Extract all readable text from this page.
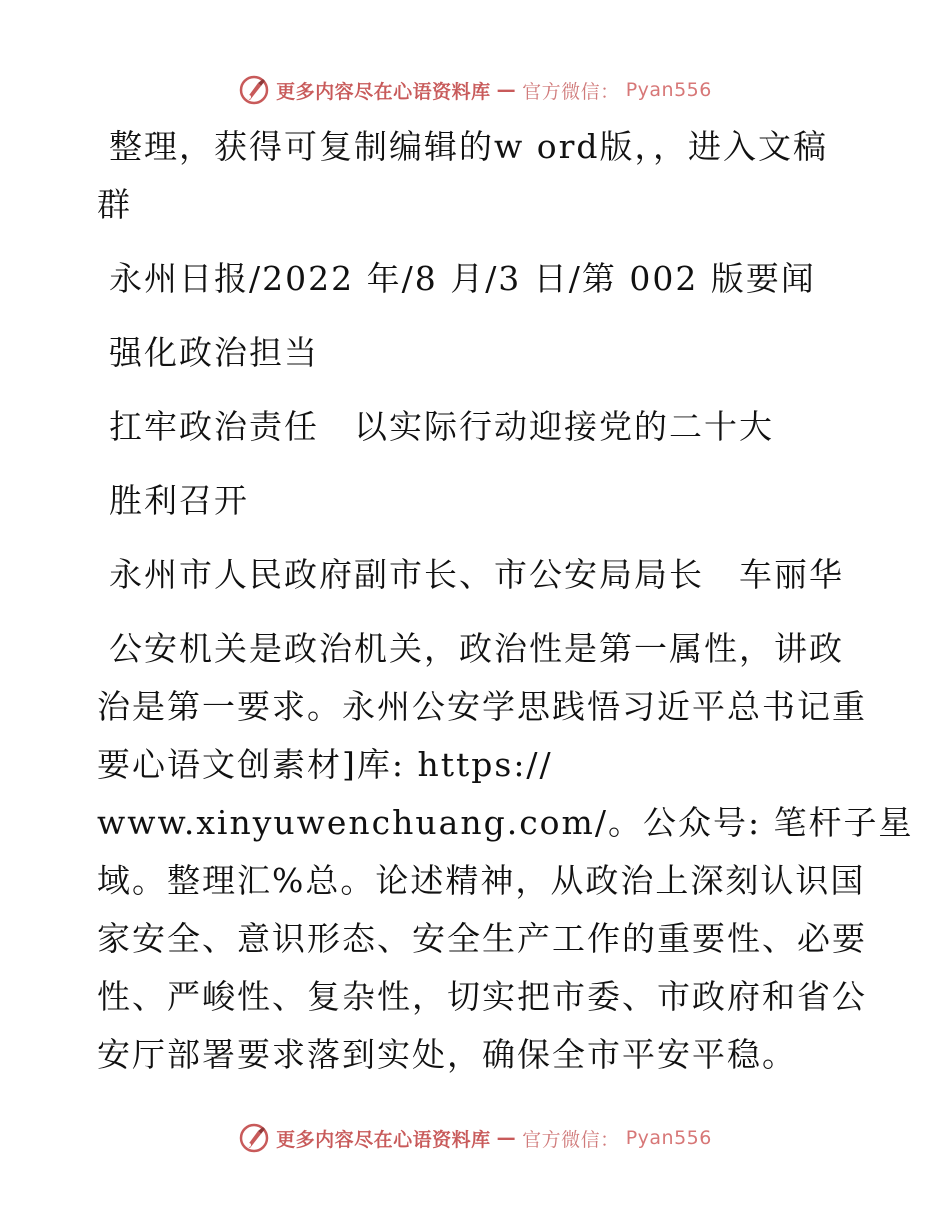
更多内容尽在心语资料库 — 官方微信： Pyan556
整理，获得可复制编辑的w ord版，，进入文稿
群
永州日报/2022 年/8 月/3 日/第 002 版要闻
强化政治担当
扛牢政治责任　以实际行动迎接党的二十大
胜利召开
永州市人民政府副市长、市公安局局长　车丽华
公安机关是政治机关，政治性是第一属性，讲政
治是第一要求。永州公安学思践悟习近平总书记重
要心语文创素材]库: https://
www.xinyuwenchuang.com/。公众号: 笔杆子星
域。整理汇%总。论述精神，从政治上深刻认识国
家安全、意识形态、安全生产工作的重要性、必要
性、严峻性、复杂性，切实把市委、市政府和省公
安厅部署要求落到实处，确保全市平安平稳。
更多内容尽在心语资料库 — 官方微信： Pyan556
